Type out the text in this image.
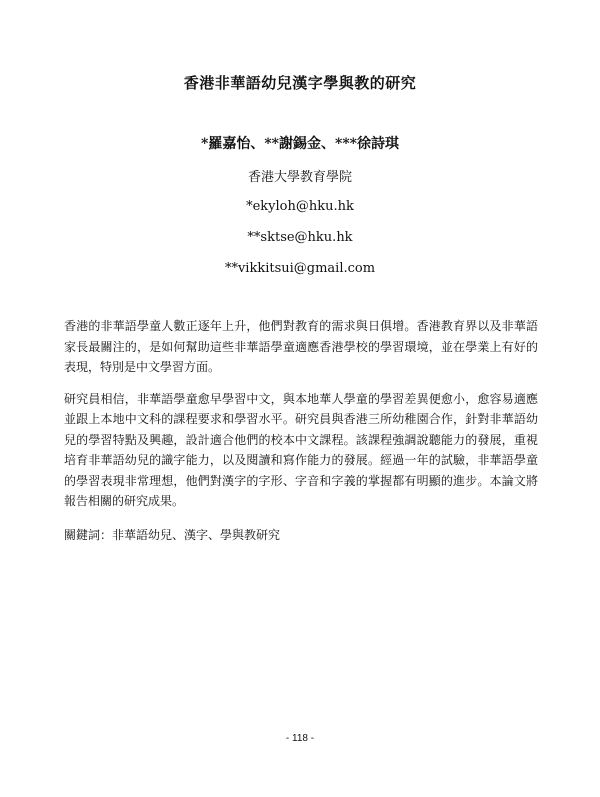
香港非華語幼兒漢字學與教的研究
*羅嘉怡、**謝錫金、***徐詩琪
香港大學教育學院
*ekyloh@hku.hk
**sktse@hku.hk
**vikkitsui@gmail.com

香港的非華語學童人數正逐年上升，他們對教育的需求與日俱增。香港教育界以及非華語家長最關注的，是如何幫助這些非華語學童適應香港學校的學習環境，並在學業上有好的表現，特別是中文學習方面。

研究員相信，非華語學童愈早學習中文，與本地華人學童的學習差異便愈小，愈容易適應並跟上本地中文科的課程要求和學習水平。研究員與香港三所幼稚園合作，針對非華語幼兒的學習特點及興趣，設計適合他們的校本中文課程。該課程強調說聽能力的發展，重視培育非華語幼兒的識字能力，以及閱讀和寫作能力的發展。經過一年的試驗，非華語學童的學習表現非常理想，他們對漢字的字形、字音和字義的掌握都有明顯的進步。本論文將報告相關的研究成果。

關鍵詞：非華語幼兒、漢字、學與教研究
- 118 -
